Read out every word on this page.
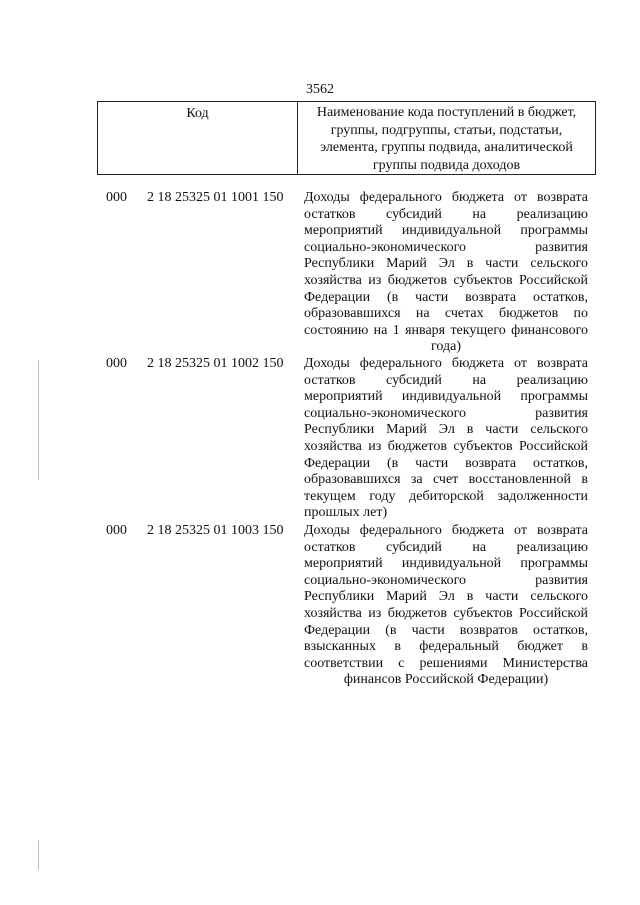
3562
Код	Наименование кода поступлений в бюджет,
группы, подгруппы, статьи, подстатьи,
элемента, группы подвида, аналитической
группы подвида доходов
000 2 18 25325 01 1001 150 Доходы федерального бюджета от возврата
остатков субсидий на реализацию
мероприятий индивидуальной программы
социально-экономического развития
Республики Марий Эл в части сельского
хозяйства из бюджетов субъектов Российской
Федерации (в части возврата остатков,
образовавшихся на счетах бюджетов по
состоянию на 1 января текущего финансового
года)
000 2 18 25325 01 1002 150 Доходы федерального бюджета от возврата
остатков субсидий на реализацию
мероприятий индивидуальной программы
социально-экономического развития
Республики Марий Эл в части сельского
хозяйства из бюджетов субъектов Российской
Федерации (в части возврата остатков,
образовавшихся за счет восстановленной в
текущем году дебиторской задолженности
прошлых лет)
000 2 18 25325 01 1003 150 Доходы федерального бюджета от возврата
остатков субсидий на реализацию
мероприятий индивидуальной программы
социально-экономического развития
Республики Марий Эл в части сельского
хозяйства из бюджетов субъектов Российской
Федерации (в части возвратов остатков,
взысканных в федеральный бюджет в
соответствии с решениями Министерства
финансов Российской Федерации)
